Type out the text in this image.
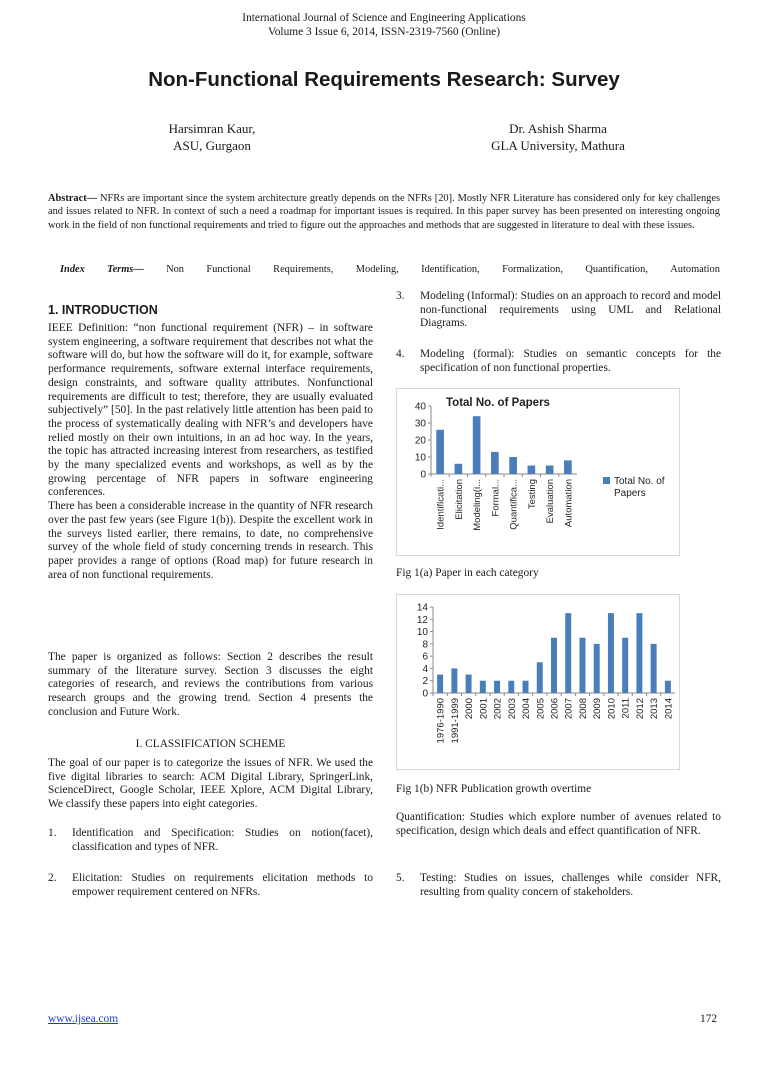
International Journal of Science and Engineering Applications
Volume 3 Issue 6, 2014, ISSN-2319-7560 (Online)
Non-Functional Requirements Research: Survey
Harsimran Kaur,
ASU, Gurgaon
Dr. Ashish Sharma
GLA University, Mathura
Abstract— NFRs are important since the system architecture greatly depends on the NFRs [20]. Mostly NFR Literature has considered only for key challenges and issues related to NFR. In context of such a need a roadmap for important issues is required. In this paper survey has been presented on interesting ongoing work in the field of non functional requirements and tried to figure out the approaches and methods that are suggested in literature to deal with these issues.
Index Terms— Non Functional Requirements, Modeling, Identification, Formalization, Quantification, Automation
1. INTRODUCTION

IEEE Definition: “non functional requirement (NFR) – in software system engineering, a software requirement that describes not what the software will do, but how the software will do it, for example, software performance requirements, software external interface requirements, design constraints, and software quality attributes. Nonfunctional requirements are difficult to test; therefore, they are usually evaluated subjectively” [50]. In the past relatively little attention has been paid to the process of systematically dealing with NFR’s and developers have relied mostly on their own intuitions, in an ad hoc way. In the years, the topic has attracted increasing interest from researchers, as testified by the many specialized events and workshops, as well as by the growing percentage of NFR papers in software engineering conferences.

There has been a considerable increase in the quantity of NFR research over the past few years (see Figure 1(b)). Despite the excellent work in the surveys listed earlier, there remains, to date, no comprehensive survey of the whole field of study concerning trends in research. This paper provides a range of options (Road map) for future research in area of non functional requirements.

The paper is organized as follows: Section 2 describes the result summary of the literature survey. Section 3 discusses the eight categories of research, and reviews the contributions from various research groups and the growing trend. Section 4 presents the conclusion and Future Work.

I. CLASSIFICATION SCHEME
The goal of our paper is to categorize the issues of NFR. We used the five digital libraries to search: ACM Digital Library, SpringerLink, ScienceDirect, Google Scholar, IEEE Xplore, ACM Digital Library, We classify these papers into eight categories.
1. Identification and Specification: Studies on notion(facet), classification and types of NFR.
2. Elicitation: Studies on requirements elicitation methods to empower requirement centered on NFRs.
3. Modeling (Informal): Studies on an approach to record and model non-functional requirements using UML and Relational Diagrams.
4. Modeling (formal): Studies on semantic concepts for the specification of non functional properties.
Total No. of Papers
0
10
20
30
40
Identificati... Elicitation Modeling(i... Formal... Quantifica... Testing Evaluation Automation	Total No. of
Papers
Fig 1(a) Paper in each category
0
2
4
6
8
10
12
14
1976-1990 1991-1999 2000 2001 2002 2003 2004 2005 2006 2007 2008 2009 2010 2011 2012 2013 2014
Fig 1(b) NFR Publication growth overtime
Quantification: Studies which explore number of avenues related to specification, design which deals and effect quantification of NFR.
5. Testing: Studies on issues, challenges while consider NFR, resulting from quality concern of stakeholders.
www.ijsea.com	172
